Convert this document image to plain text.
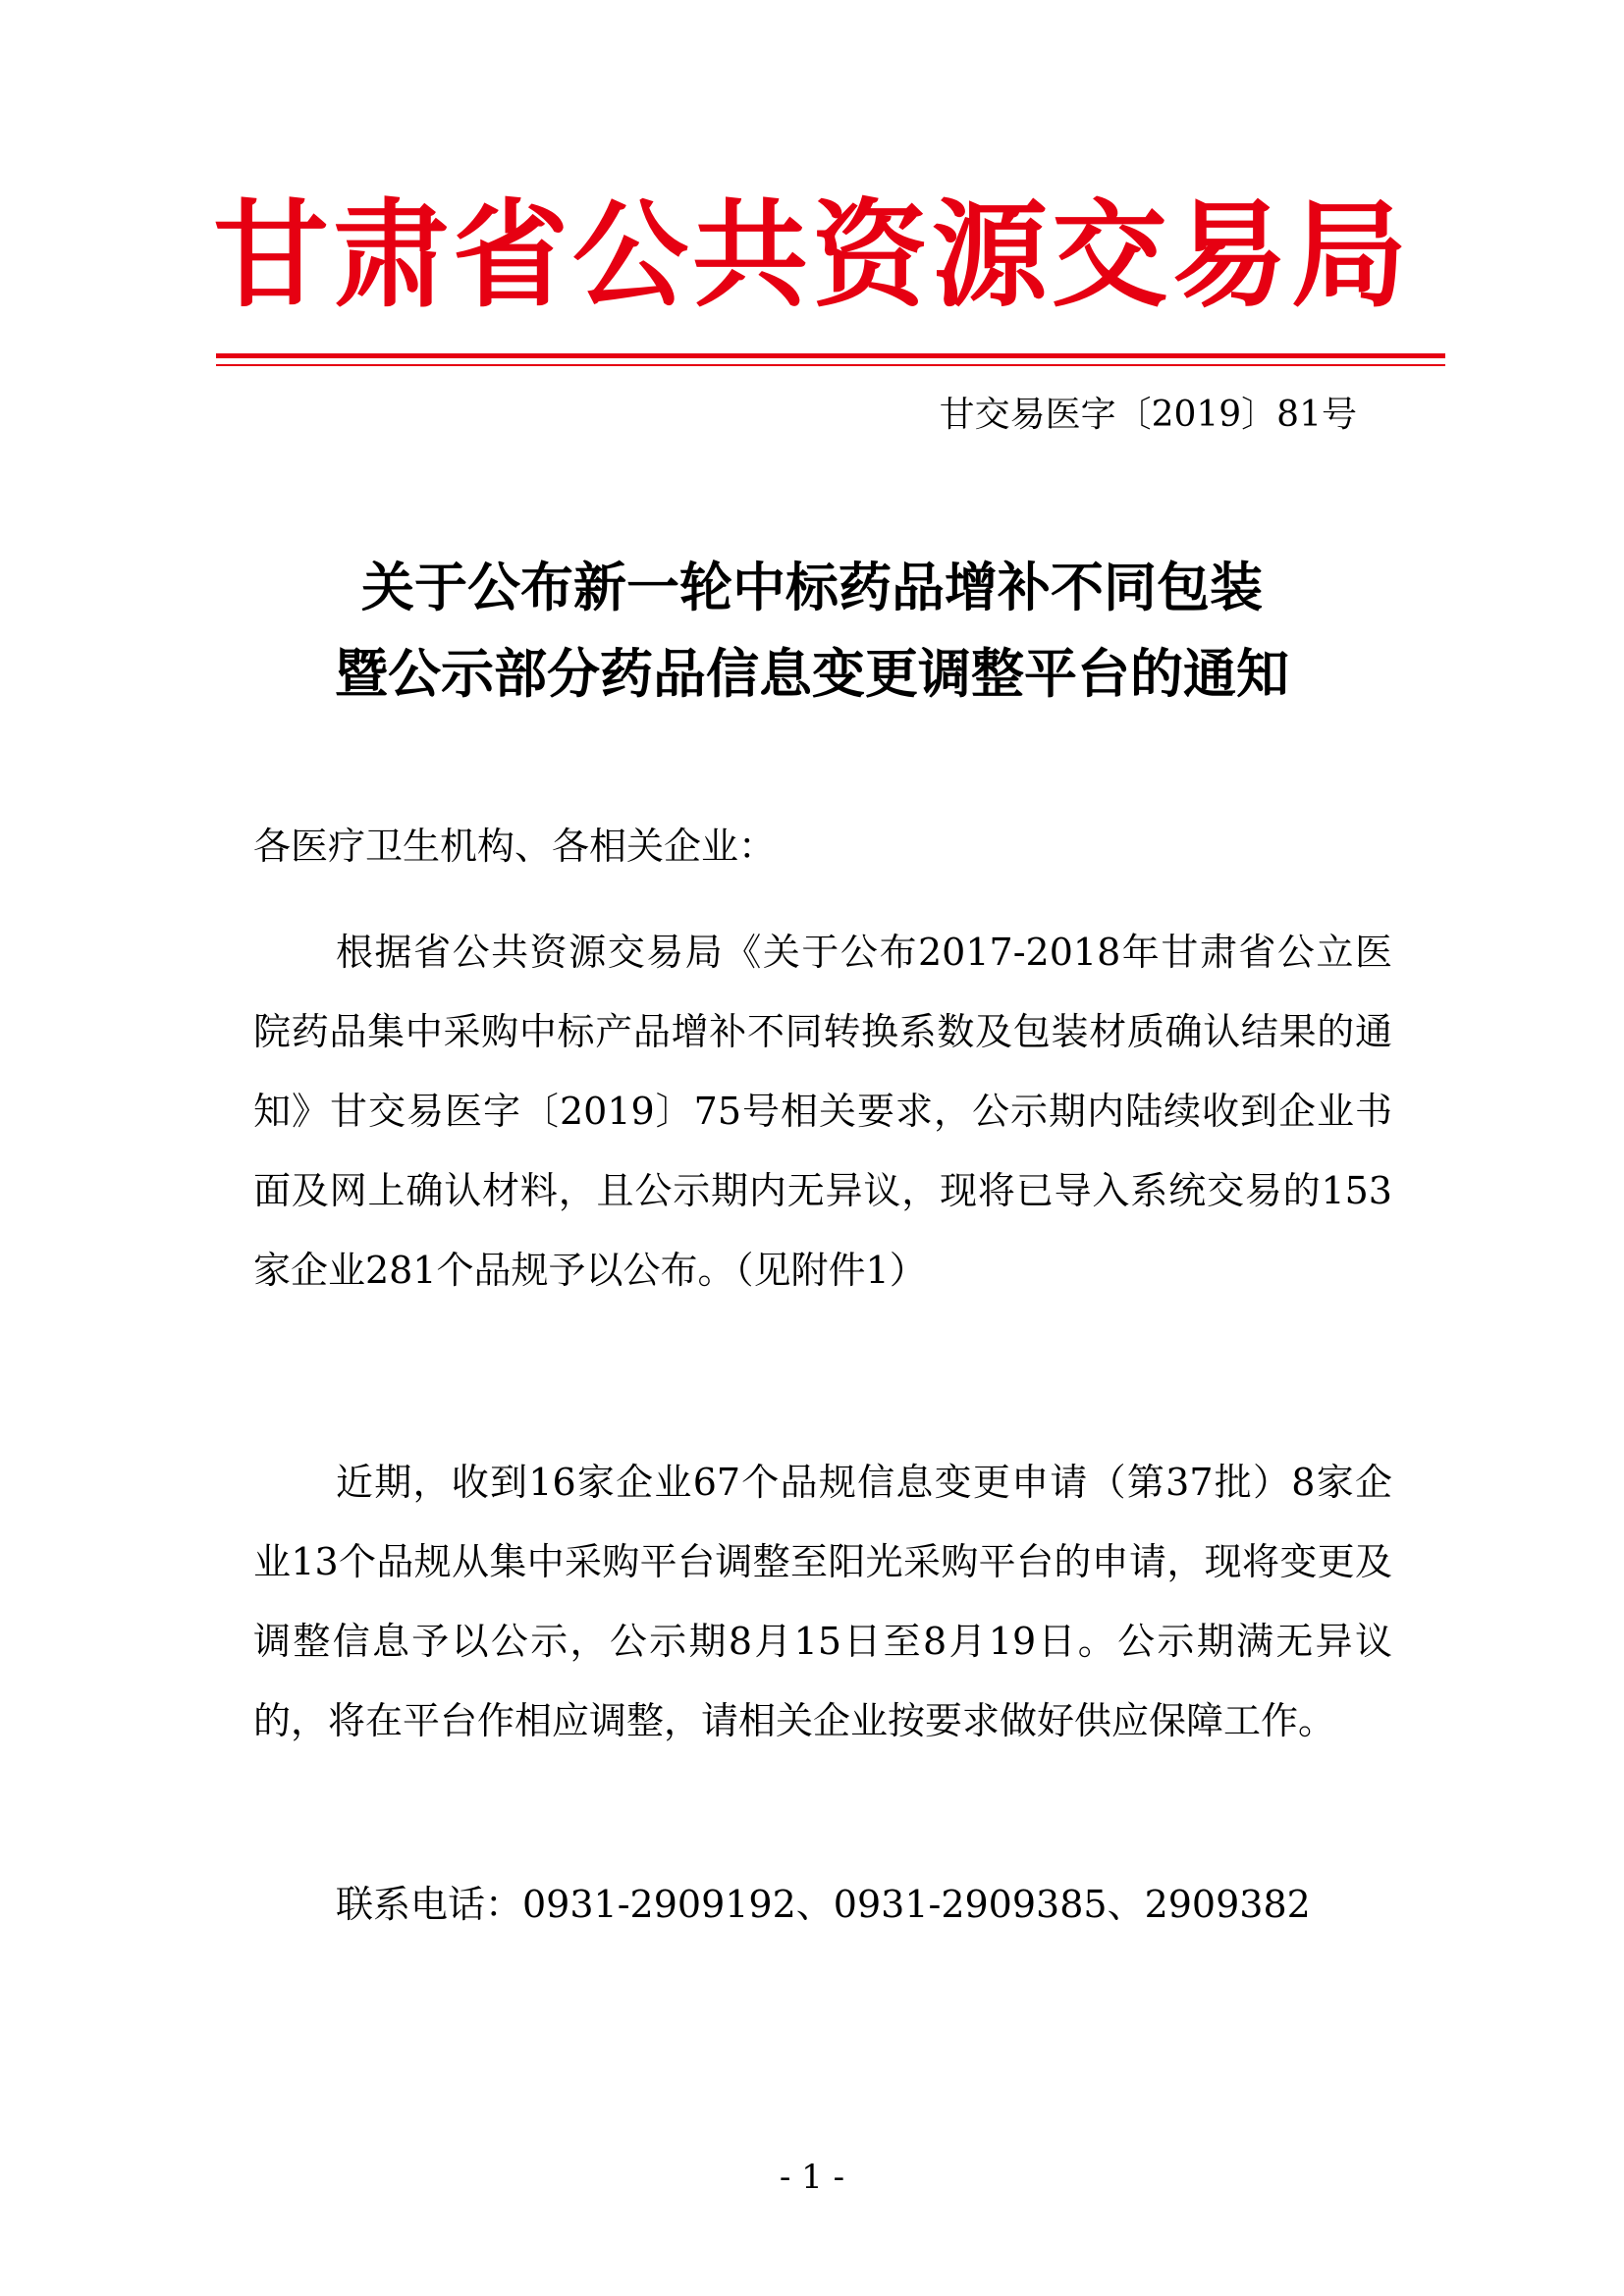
甘肃省公共资源交易局
甘交易医字〔2019〕81号
关于公布新一轮中标药品增补不同包装
暨公示部分药品信息变更调整平台的通知
各医疗卫生机构、各相关企业：
根据省公共资源交易局《关于公布2017-2018年甘肃省公立医院药品集中采购中标产品增补不同转换系数及包装材质确认结果的通知》甘交易医字〔2019〕75号相关要求，公示期内陆续收到企业书面及网上确认材料，且公示期内无异议，现将已导入系统交易的153家企业281个品规予以公布。（见附件1）
近期，收到16家企业67个品规信息变更申请（第37批）8家企业13个品规从集中采购平台调整至阳光采购平台的申请，现将变更及调整信息予以公示，公示期8月15日至8月19日。公示期满无异议的，将在平台作相应调整，请相关企业按要求做好供应保障工作。
联系电话：0931-2909192、0931-2909385、2909382
- 1 -
